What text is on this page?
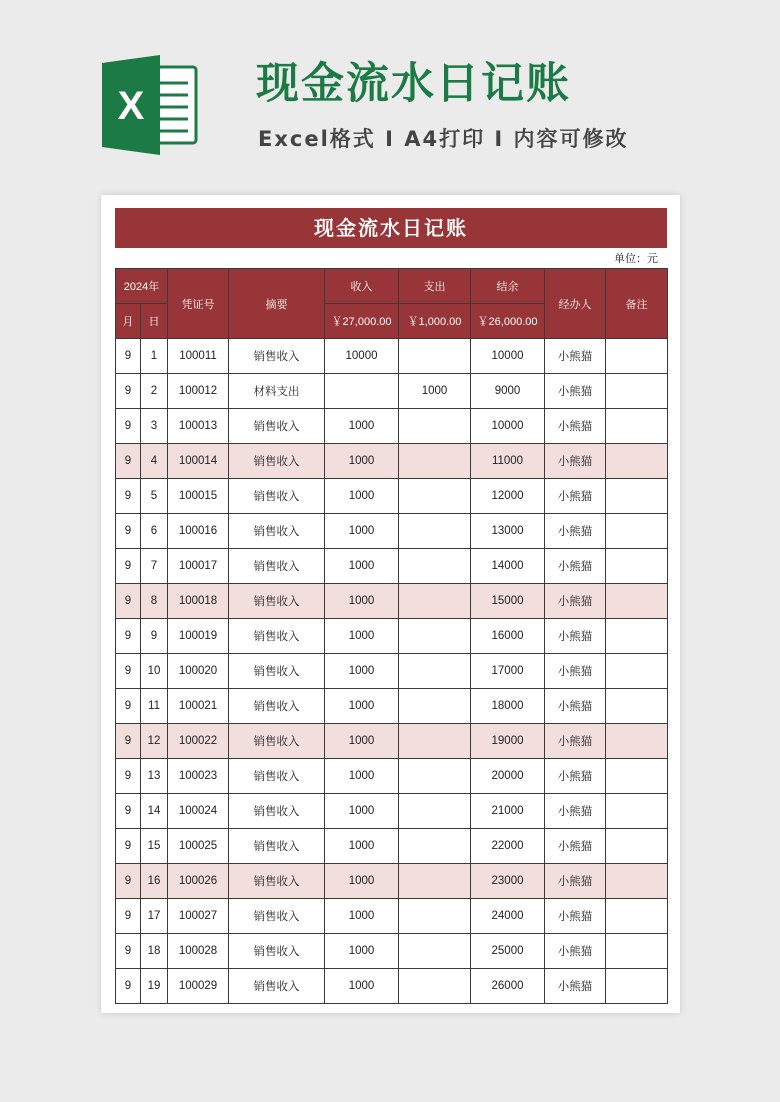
X	现金流水日记账
Excel格式 I A4打印 I 内容可修改
现金流水日记账
单位：元
2024年		凭证号	摘要	收入	支出	结余	经办人	备注
月	日			￥27,000.00	￥1,000.00	￥26,000.00		
9	1	100011	销售收入	10000		10000	小熊猫	
9	2	100012	材料支出		1000	9000	小熊猫	
9	3	100013	销售收入	1000		10000	小熊猫	
9	4	100014	销售收入	1000		11000	小熊猫	
9	5	100015	销售收入	1000		12000	小熊猫	
9	6	100016	销售收入	1000		13000	小熊猫	
9	7	100017	销售收入	1000		14000	小熊猫	
9	8	100018	销售收入	1000		15000	小熊猫	
9	9	100019	销售收入	1000		16000	小熊猫	
9	10	100020	销售收入	1000		17000	小熊猫	
9	11	100021	销售收入	1000		18000	小熊猫	
9	12	100022	销售收入	1000		19000	小熊猫	
9	13	100023	销售收入	1000		20000	小熊猫	
9	14	100024	销售收入	1000		21000	小熊猫	
9	15	100025	销售收入	1000		22000	小熊猫	
9	16	100026	销售收入	1000		23000	小熊猫	
9	17	100027	销售收入	1000		24000	小熊猫	
9	18	100028	销售收入	1000		25000	小熊猫	
9	19	100029	销售收入	1000		26000	小熊猫	
